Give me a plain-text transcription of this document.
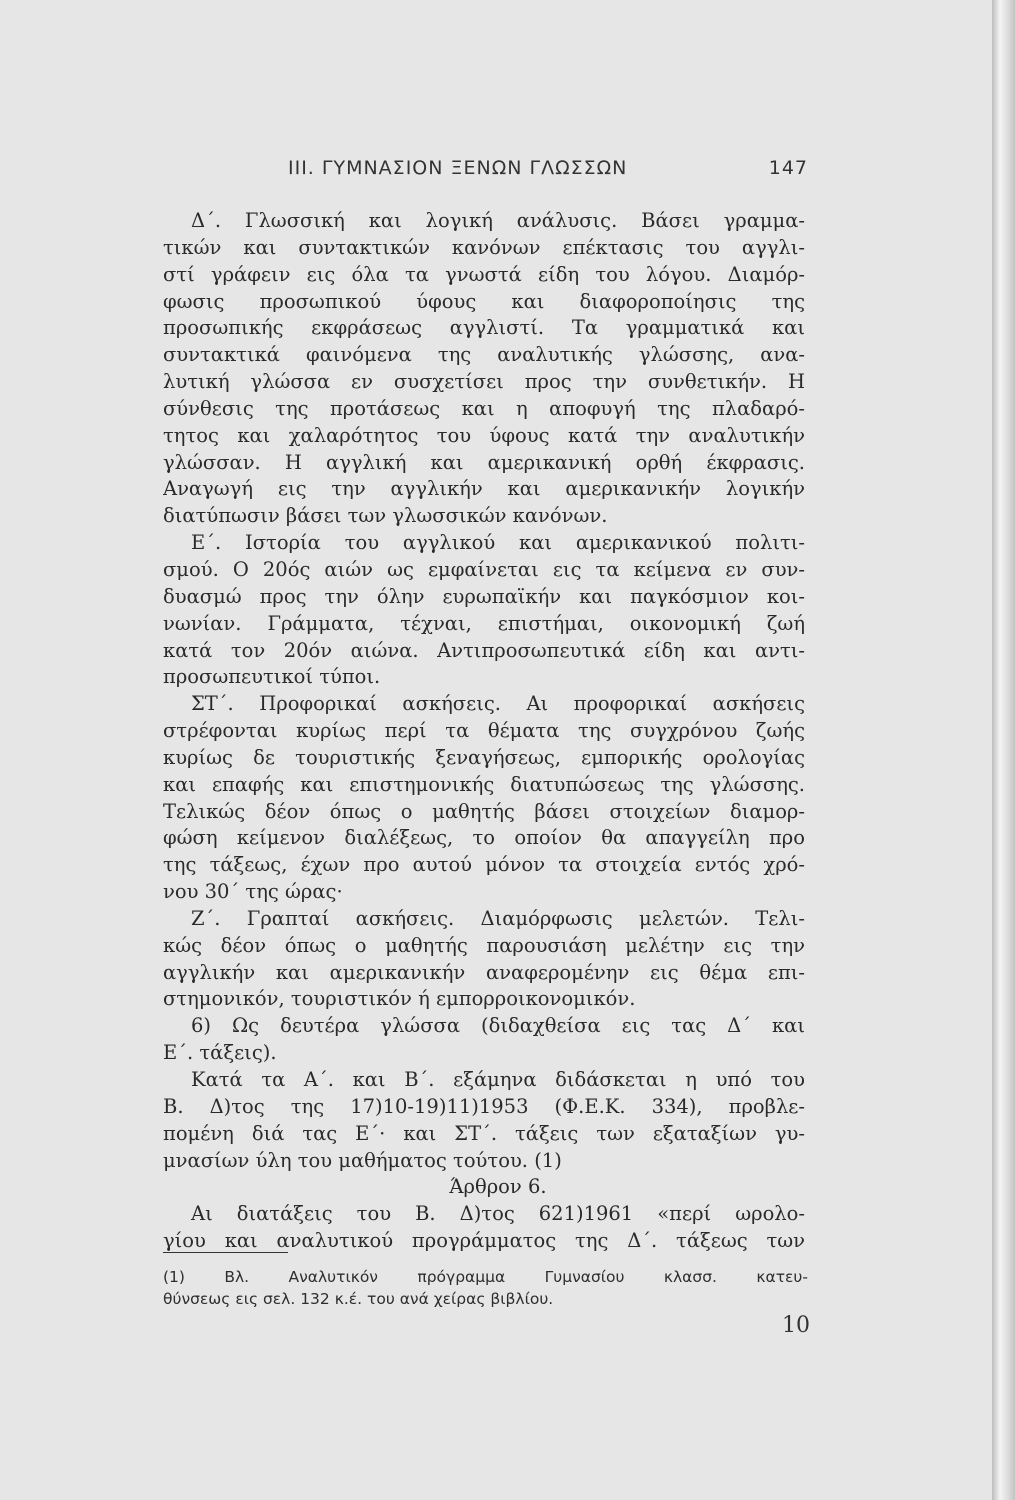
ΙΙΙ. ΓΥΜΝΑΣΙΟΝ ΞΕΝΩΝ ΓΛΩΣΣΩΝ	147
Δ΄. Γλωσσική και λογική ανάλυσις. Βάσει γραμμα-
τικών και συντακτικών κανόνων επέκτασις του αγγλι-
στί γράφειν εις όλα τα γνωστά είδη του λόγου. Διαμόρ-
φωσις προσωπικού ύφους και διαφοροποίησις της
προσωπικής εκφράσεως αγγλιστί. Τα γραμματικά και
συντακτικά φαινόμενα της αναλυτικής γλώσσης, ανα-
λυτική γλώσσα εν συσχετίσει προς την συνθετικήν. Η
σύνθεσις της προτάσεως και η αποφυγή της πλαδαρό-
τητος και χαλαρότητος του ύφους κατά την αναλυτικήν
γλώσσαν. Η αγγλική και αμερικανική ορθή έκφρασις.
Αναγωγή εις την αγγλικήν και αμερικανικήν λογικήν
διατύπωσιν βάσει των γλωσσικών κανόνων.
Ε΄. Ιστορία του αγγλικού και αμερικανικού πολιτι-
σμού. Ο 20ός αιών ως εμφαίνεται εις τα κείμενα εν συν-
δυασμώ προς την όλην ευρωπαϊκήν και παγκόσμιον κοι-
νωνίαν. Γράμματα, τέχναι, επιστήμαι, οικονομική ζωή
κατά τον 20όν αιώνα. Αντιπροσωπευτικά είδη και αντι-
προσωπευτικοί τύποι.
ΣΤ΄. Προφορικαί ασκήσεις. Αι προφορικαί ασκήσεις
στρέφονται κυρίως περί τα θέματα της συγχρόνου ζωής
κυρίως δε τουριστικής ξεναγήσεως, εμπορικής ορολογίας
και επαφής και επιστημονικής διατυπώσεως της γλώσσης.
Τελικώς δέον όπως ο μαθητής βάσει στοιχείων διαμορ-
φώση κείμενον διαλέξεως, το οποίον θα απαγγείλη προ
της τάξεως, έχων προ αυτού μόνον τα στοιχεία εντός χρό-
νου 30΄ της ώρας·
Ζ΄. Γραπταί ασκήσεις. Διαμόρφωσις μελετών. Τελι-
κώς δέον όπως ο μαθητής παρουσιάση μελέτην εις την
αγγλικήν και αμερικανικήν αναφερομένην εις θέμα επι-
στημονικόν, τουριστικόν ή εμπορροικονομικόν.
6) Ως δευτέρα γλώσσα (διδαχθείσα εις τας Δ΄ και
Ε΄. τάξεις).
Κατά τα Α΄. και Β΄. εξάμηνα διδάσκεται η υπό του
Β. Δ)τος της 17)10-19)11)1953 (Φ.Ε.Κ. 334), προβλε-
πομένη διά τας Ε΄· και ΣΤ΄. τάξεις των εξαταξίων γυ-
μνασίων ύλη του μαθήματος τούτου. (1)
Άρθρον 6.
Αι διατάξεις του Β. Δ)τος 621)1961 «περί ωρολο-
γίου και αναλυτικού προγράμματος της Δ΄. τάξεως των
(1) Βλ. Αναλυτικόν πρόγραμμα Γυμνασίου κλασσ. κατευ-
θύνσεως εις σελ. 132 κ.έ. του ανά χείρας βιβλίου.
10
